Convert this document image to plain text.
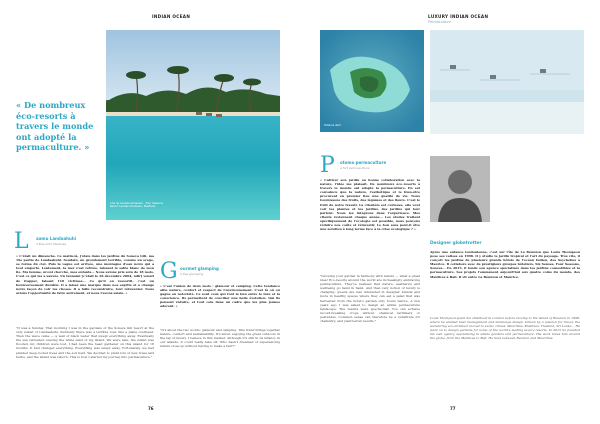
INDIAN OCEAN
« De nombreux éco-resorts à travers le monde ont adopté la permaculture. »
L'île de Landaa Giraavaru · Four Seasons Resort Landaa Giraavaru, Maldives
L aamu Landaahuhi
à Baa atoll Maldives
« C'était un dimanche. Ce matin-là, j'étais dans les jardins du Soneva Gili, ma 19e partie de Landaahuhi. Soudain, un grondement terrible, comme un orage, se forma du ciel. Puis la vague est arrivée, une montagne d'eau noire qui a tout emporté. Lentement, la mer s'est retirée, laissant le sable blanc de mon île. Ma femme, m'ont cherché, mes enfants... Nous avions pris soin de 18 mois. C'est ce qui les a sauvés. Un tsunami [c'était le 26 décembre 2004, ndlr] venait de frapper, faisant 118 victimes... Ce qu'il en ressortit, c'est un bouleversement durable. Il a laissé une marque dans nos esprits et a changé notre façon de voir les choses. Il a fallu reconstruire, tout réinventer. Nous avions l'opportunité de faire autrement, et nous l'avons saisie. »
"It was a Sunday. That morning I was in the gardens of the Soneva Gili resort at the very island of Landaahuhi. Suddenly there was a terrible roar, like a plane overhead. Then the wave came — a wall of black water that swept everything away. Eventually the sea retreated, leaving the white sand of my island. We were safe, the island was flooded, my children were lost. I had been the head gardener on this island for 18 months. It had changed everything. Everything was swept away. Fortunately, we had planted deep-rooted trees and the soil held. We decided to plant lots of new trees and herbs, and the island was reborn. This is how I started my journey into permaculture."
G ourmet glamping
à Paa glamping
« C'est l'union de deux mots : glamour et camping. Cette tendance allie nature, confort et respect de l'environnement. C'est là où on gagne en notoriété. Ce sont ceux qui font le lien entre le luxe et la conscience. Ils permettent de concilier une belle évolution. Qui ils pensent réduire, et tout cela dans un cadre que les plus jeunes adorent. »
"It's about the two words: glamour and camping. This trend brings together nature, comfort and sustainability. It's about enjoying the great outdoors in the lap of luxury. I believe in this market. Although it's still in its infancy in our islands, it could really take off. Who hasn't dreamed of experiencing nature close up without having to make a tent?"
76
LUXURY INDIAN OCEAN
Permaculture
Tetiaroa atoll
P otomo permaculture
à fort permaculture
« Cultiver son jardin en bonne collaboration avec la nature, l'idée me plaisait. De nombreux éco-resorts à travers le monde ont adopté la permaculture. En est convaincu que la nature, l'esthétique et le bien-être procurent en premier lieu une qualité de vie. Nous fournissons des fruits, des légumes et des fleurs. C'est le fruit de notre travail. La clientèle est curieuse, elle veut voir les plantes et les jardins, des jardins qui leur parlent. Nous les intégrons dans l'expérience. Mes clients reviennent chaque année... Les études traitent spécifiquement de l'écologie est possible, nous pouvons réduire nos coûts et réinvestir. Le bon sens peut-il être une solution à long terme face à la crise écologique ? »
"Growing your garden in harmony with nature — what a great idea! Eco-resorts around the world are increasingly embracing permaculture. They've realised that nature, aesthetics and wellbeing go hand in hand. And then very notion of luxury is changing: guests are less interested in designer brands and more in healthy spaces where they can eat a salad that was harvested from the hotel's garden only hours before. A few years ago I was asked to design an edible permaculture landscape. The results were spectacular. You can achieve record-breaking crops without chemical fertilisers or pesticides. Common sense can therefore be a substitute for chemistry, and yield better results."
Designer globetrotter
Après une enfance londonienne, c'est sur l'île de La Réunion que Louis Thompson pose ses valises en 1998. Il y étudie le jardin tropical et l'art du paysage. Très vite, il conçoit les jardins de plusieurs grands hôtels de l'océan Indien, des Seychelles à Maurice. Il collabore avec de prestigieux groupes hôteliers, Six Senses, Four Seasons, Soneva... En 2015, il fonde son agence spécialisée dans les jardins comestibles et la permaculture. Ses projets l'emmènent aujourd'hui aux quatre coins du monde, des Maldives à Bali. Il vit entre La Réunion et Maurice.
Louis Thompson spent his childhood in London before moving to the island of Reunion in 1998, where he studied land management and landscape design. Driven by a passion for travel, the wandering eco-architect moved to exotic climes: Mauritius, Maldives, Thailand, Sri Lanka... He went on to design gardens for some of the world's leading luxury resorts. In 2015 he founded his own agency specialising in edible gardens and permaculture. His work takes him around the globe, from the Maldives to Bali. He lives between Reunion and Mauritius.
77
